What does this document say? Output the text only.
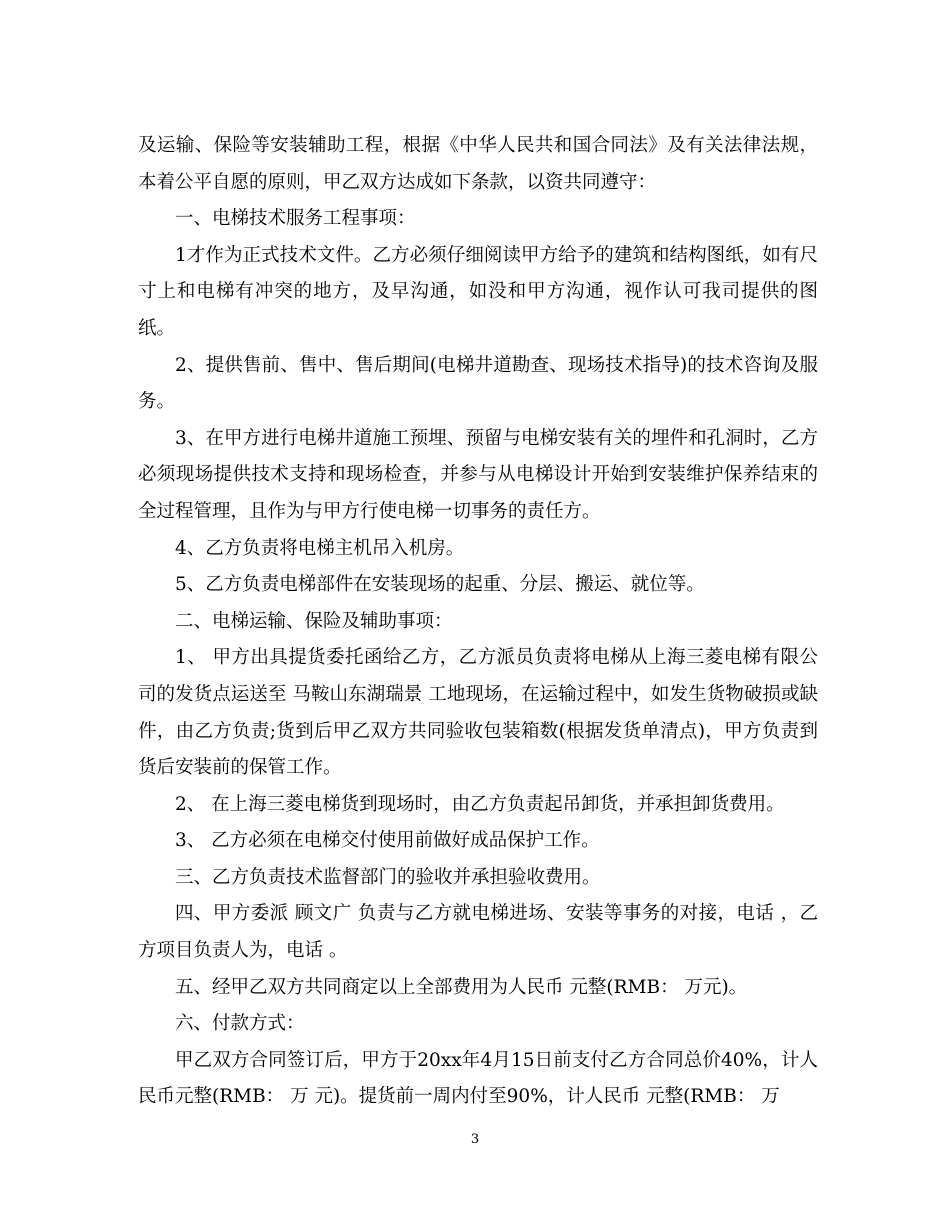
及运输、保险等安装辅助工程，根据《中华人民共和国合同法》及有关法律法规，本着公平自愿的原则，甲乙双方达成如下条款，以资共同遵守：

一、电梯技术服务工程事项：

1才作为正式技术文件。乙方必须仔细阅读甲方给予的建筑和结构图纸，如有尺寸上和电梯有冲突的地方，及早沟通，如没和甲方沟通，视作认可我司提供的图纸。

2、提供售前、售中、售后期间(电梯井道勘查、现场技术指导)的技术咨询及服务。

3、在甲方进行电梯井道施工预埋、预留与电梯安装有关的埋件和孔洞时，乙方必须现场提供技术支持和现场检查，并参与从电梯设计开始到安装维护保养结束的全过程管理，且作为与甲方行使电梯一切事务的责任方。

4、乙方负责将电梯主机吊入机房。

5、乙方负责电梯部件在安装现场的起重、分层、搬运、就位等。

二、电梯运输、保险及辅助事项：

1、 甲方出具提货委托函给乙方，乙方派员负责将电梯从上海三菱电梯有限公司的发货点运送至 马鞍山东湖瑞景 工地现场，在运输过程中，如发生货物破损或缺件，由乙方负责;货到后甲乙双方共同验收包装箱数(根据发货单清点)，甲方负责到货后安装前的保管工作。

2、 在上海三菱电梯货到现场时，由乙方负责起吊卸货，并承担卸货费用。

3、 乙方必须在电梯交付使用前做好成品保护工作。

三、乙方负责技术监督部门的验收并承担验收费用。

四、甲方委派 顾文广 负责与乙方就电梯进场、安装等事务的对接，电话 ，乙方项目负责人为，电话 。

五、经甲乙双方共同商定以上全部费用为人民币 元整(RMB： 万元)。

六、付款方式：

甲乙双方合同签订后，甲方于20xx年4月15日前支付乙方合同总价40%，计人民币元整(RMB： 万 元)。提货前一周内付至90%，计人民币 元整(RMB： 万

3
